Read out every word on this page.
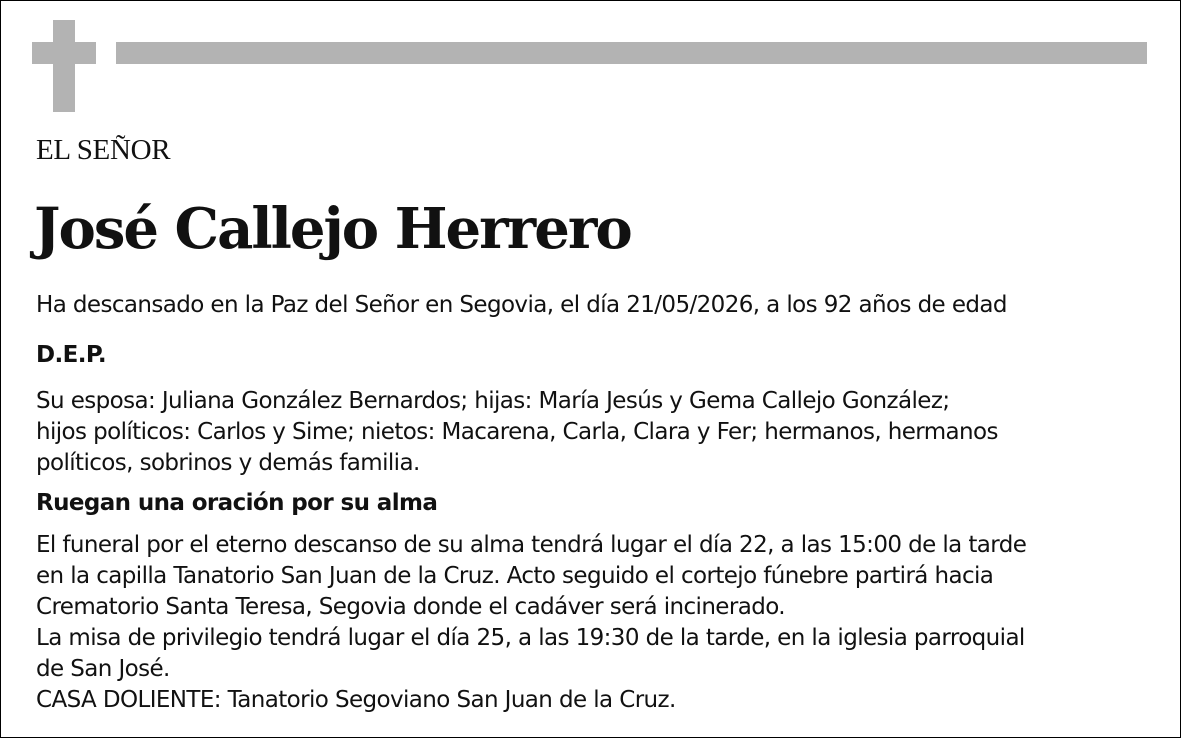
EL SEÑOR
José Callejo Herrero
Ha descansado en la Paz del Señor en Segovia, el día 21/05/2026, a los 92 años de edad
D.E.P.
Su esposa: Juliana González Bernardos; hijas: María Jesús y Gema Callejo González;
hijos políticos: Carlos y Sime; nietos: Macarena, Carla, Clara y Fer; hermanos, hermanos
políticos, sobrinos y demás familia.
Ruegan una oración por su alma
El funeral por el eterno descanso de su alma tendrá lugar el día 22, a las 15:00 de la tarde
en la capilla Tanatorio San Juan de la Cruz. Acto seguido el cortejo fúnebre partirá hacia
Crematorio Santa Teresa, Segovia donde el cadáver será incinerado.
La misa de privilegio tendrá lugar el día 25, a las 19:30 de la tarde, en la iglesia parroquial
de San José.
CASA DOLIENTE: Tanatorio Segoviano San Juan de la Cruz.
